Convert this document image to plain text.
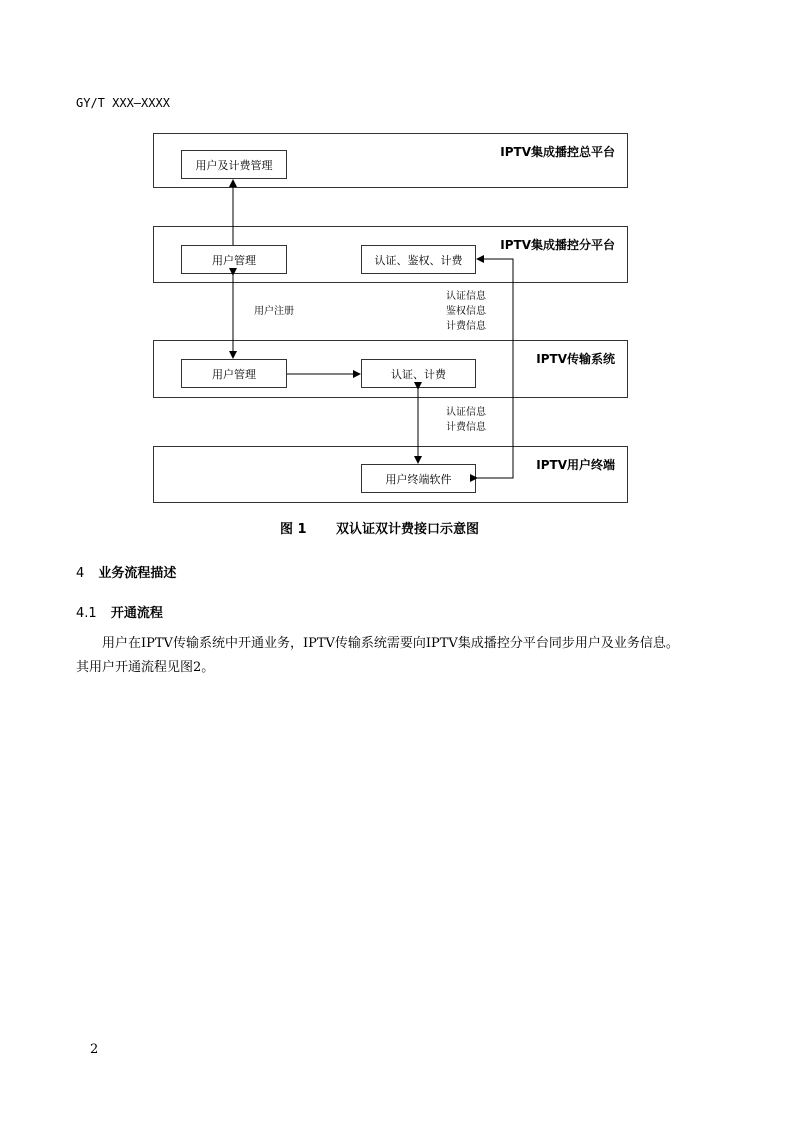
GY/T XXX—XXXX
IPTV集成播控总平台
用户及计费管理
IPTV集成播控分平台
用户管理	认证、鉴权、计费
IPTV传输系统
用户管理	认证、计费
IPTV用户终端
用户终端软件
用户注册
认证信息
鉴权信息
计费信息
认证信息
计费信息
图 1 双认证双计费接口示意图
4 业务流程描述
4.1 开通流程
用户在IPTV传输系统中开通业务，IPTV传输系统需要向IPTV集成播控分平台同步用户及业务信息。
其用户开通流程见图2。
2
